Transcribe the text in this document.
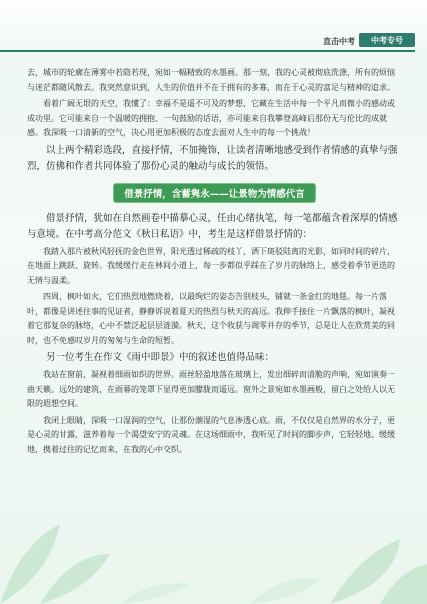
直击中考	中考专号

去，城市的轮廓在薄雾中若隐若现，宛如一幅精致的水墨画。那一刻，我的心灵被彻底洗涤，所有的烦恼与迷茫都随风散去。我突然意识到，人生的价值并不在于拥有的多寡，而在于心灵的富足与精神的追求。

看着广阔无垠的天空，我懂了：幸福不是遥不可及的梦想，它藏在生活中每一个平凡而微小的感动或成功里。它可能来自一个温暖的拥抱、一句鼓励的话语，亦可能来自我攀登高峰后那份无与伦比的成就感。我深吸一口清新的空气，决心用更加积极的态度去面对人生中的每一个挑战！

以上两个精彩选段，直接抒情，不加掩饰，让读者清晰地感受到作者情感的真挚与强烈，仿佛和作者共同体验了那份心灵的触动与成长的领悟。

借景抒情，含蓄隽永——让景物为情感代言

借景抒情，犹如在自然画卷中描摹心灵，任由心绪执笔，每一笔都蕴含着深厚的情感与意境。在中考高分范文《秋日私语》中，考生是这样借景抒情的：

我踏入那片被秋风轻抚的金色世界，阳光透过稀疏的枝丫，洒下斑驳陆离的光影，如同时间的碎片，在地面上跳跃、旋转。我缓缓行走在林间小道上，每一步都似乎踩在了岁月的脉络上，感受着季节更迭的无情与温柔。

四周，枫叶如火，它们热烈地燃烧着，以最绚烂的姿态告别枝头，铺就一条金红的地毯。每一片落叶，都像是讲述往事的见证者，静静诉说着夏天的热烈与秋天的高远。我伸手接住一片飘落的枫叶，凝视着它那复杂的脉络，心中不禁泛起层层涟漪。秋天，这个收获与凋零并存的季节，总是让人在欣赏美的同时，也不免感叹岁月的匆匆与生命的短暂。

另一位考生在作文《雨中即景》中的叙述也值得品味：

我站在窗前，凝视着细雨如织的世界。雨丝轻盈地落在玻璃上，发出细碎而清脆的声响，宛如演奏一曲天籁。远处的建筑，在雨幕的笼罩下显得更加朦胧而遥远。窗外之景宛如水墨画般，留白之处给人以无限的遐想空间。

我闭上眼睛，深吸一口湿润的空气，让那份潮湿的气息渗透心底。雨，不仅仅是自然界的水分子，更是心灵的甘露，滋养着每一个渴望安宁的灵魂。在这场细雨中，我听见了时间的脚步声，它轻轻地、缓缓地，携着过往的记忆而来，在我的心中交织。
